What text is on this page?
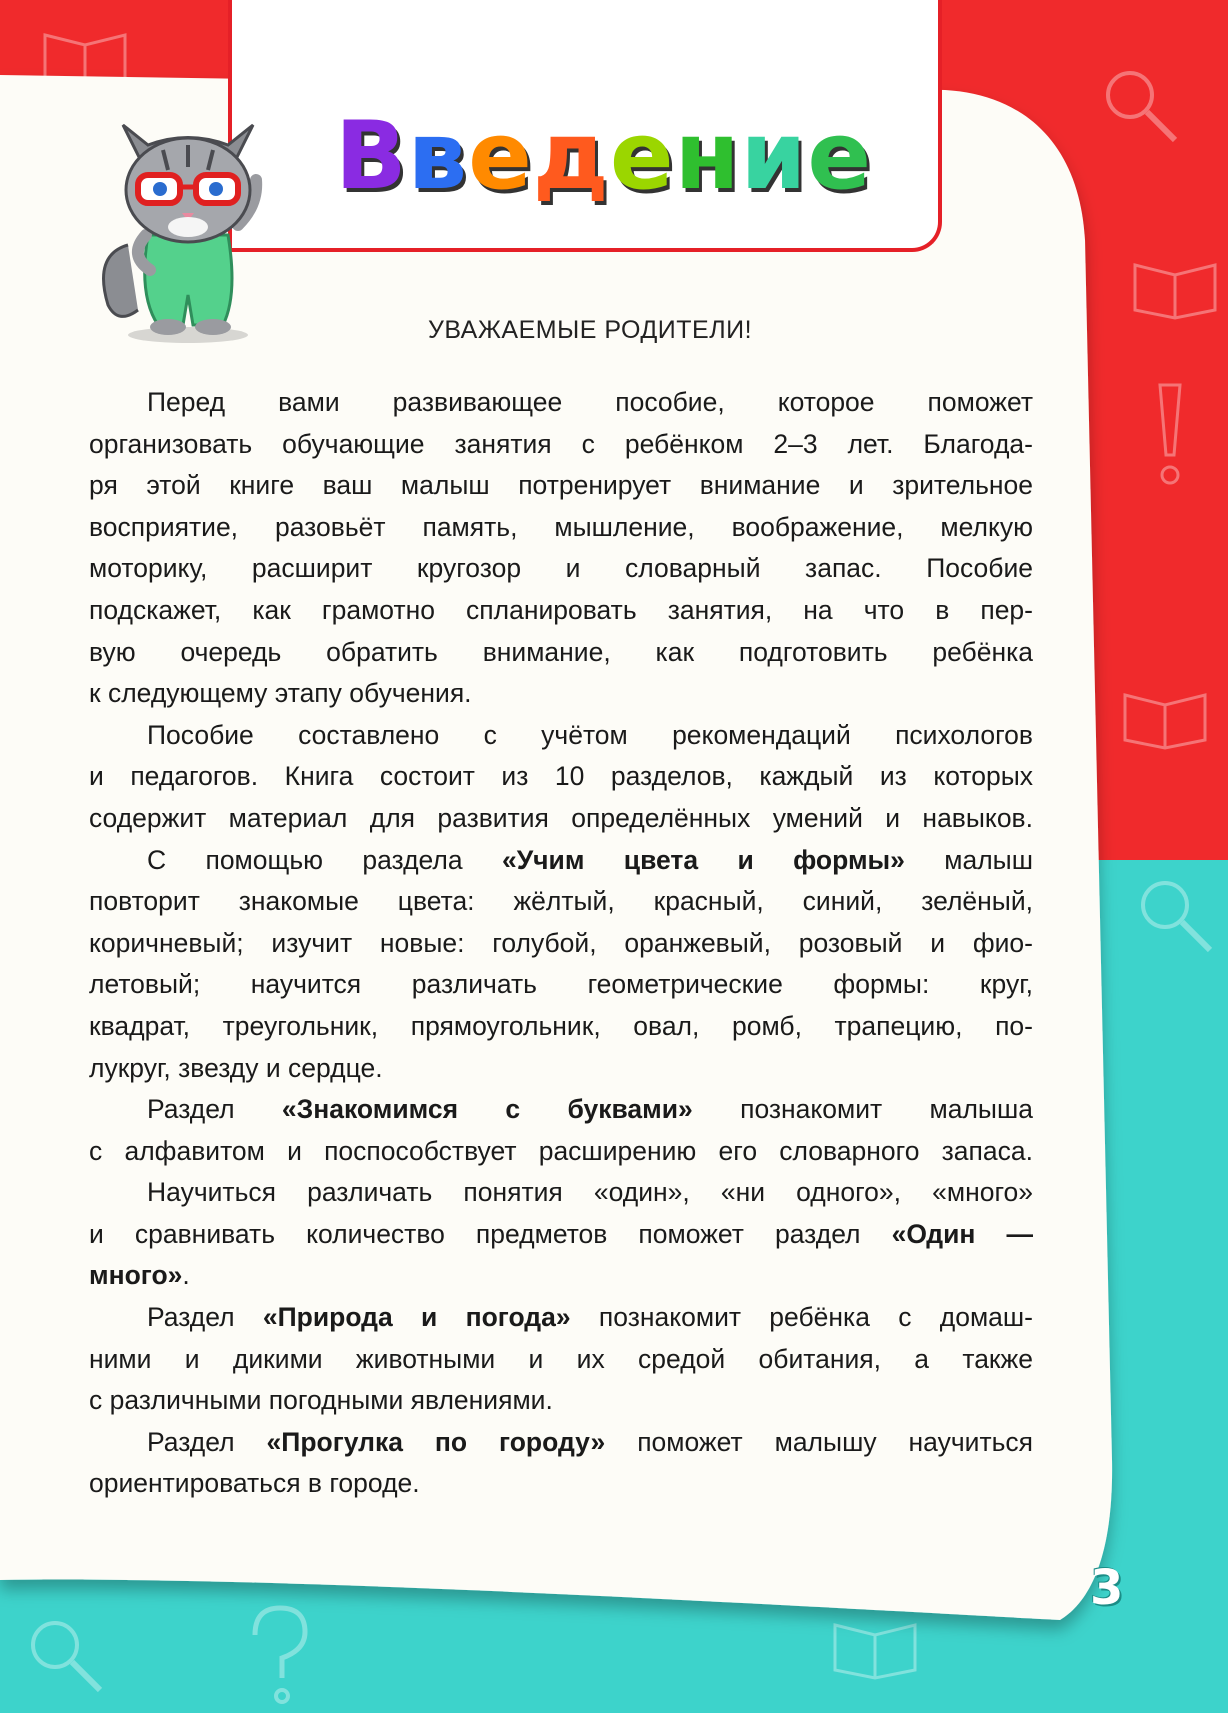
Введение
УВАЖАЕМЫЕ РОДИТЕЛИ!
Перед вами развивающее пособие, которое поможет
организовать обучающие занятия с ребёнком 2–3 лет. Благода-
ря этой книге ваш малыш потренирует внимание и зрительное
восприятие, разовьёт память, мышление, воображение, мелкую
моторику, расширит кругозор и словарный запас. Пособие
подскажет, как грамотно спланировать занятия, на что в пер-
вую очередь обратить внимание, как подготовить ребёнка
к следующему этапу обучения.
Пособие составлено с учётом рекомендаций психологов
и педагогов. Книга состоит из 10 разделов, каждый из которых
содержит материал для развития определённых умений и навыков.
С помощью раздела «Учим цвета и формы» малыш
повторит знакомые цвета: жёлтый, красный, синий, зелёный,
коричневый; изучит новые: голубой, оранжевый, розовый и фио-
летовый; научится различать геометрические формы: круг,
квадрат, треугольник, прямоугольник, овал, ромб, трапецию, по-
лукруг, звезду и сердце.
Раздел «Знакомимся с буквами» познакомит малыша
с алфавитом и поспособствует расширению его словарного запаса.
Научиться различать понятия «один», «ни одного», «много»
и сравнивать количество предметов поможет раздел «Один —
много».
Раздел «Природа и погода» познакомит ребёнка с домаш-
ними и дикими животными и их средой обитания, а также
с различными погодными явлениями.
Раздел «Прогулка по городу» поможет малышу научиться
ориентироваться в городе.
3
